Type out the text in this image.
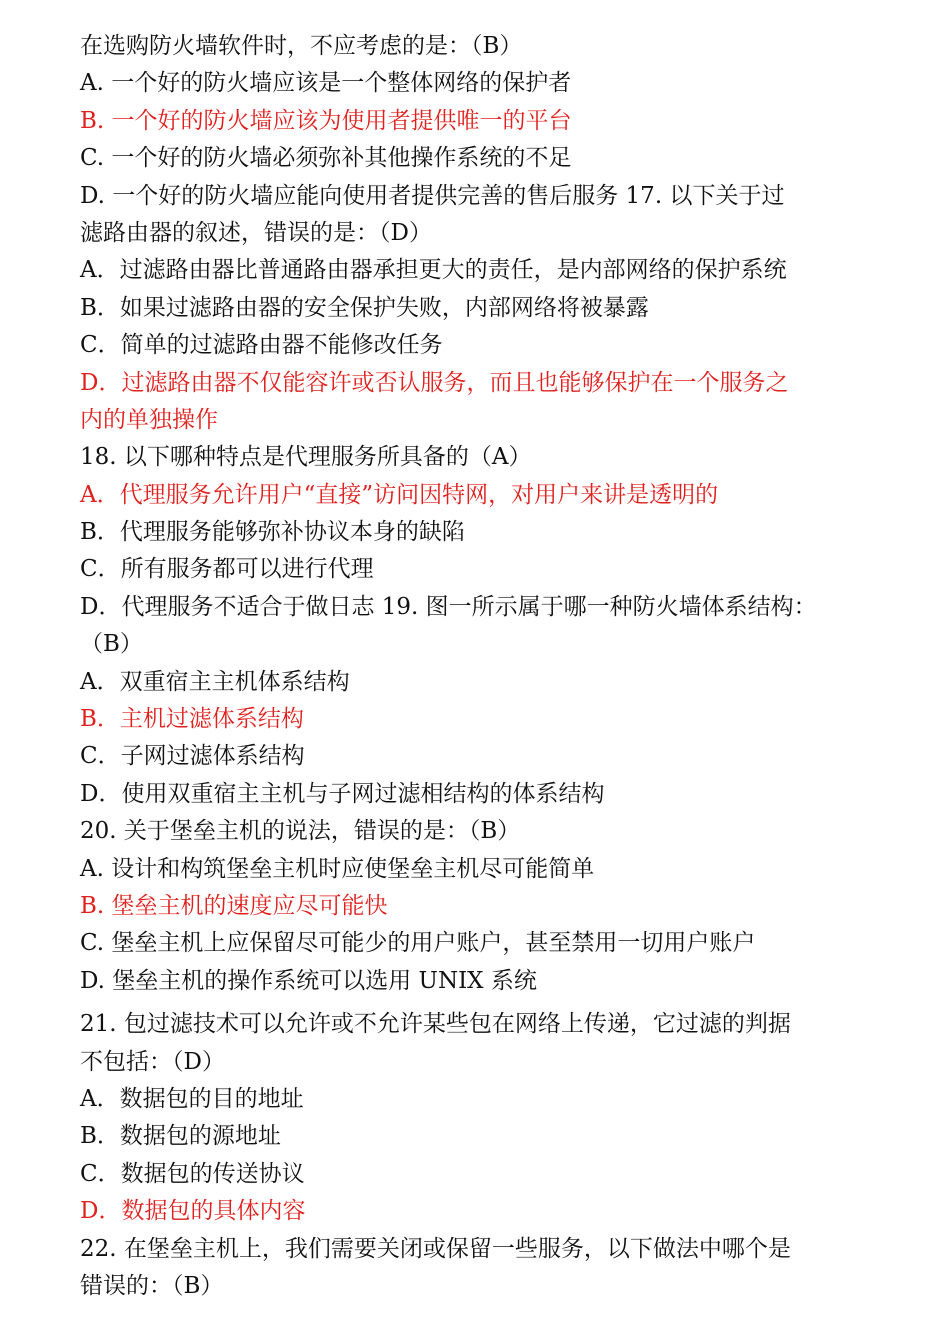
在选购防火墙软件时，不应考虑的是：（B）
A. 一个好的防火墙应该是一个整体网络的保护者
B. 一个好的防火墙应该为使用者提供唯一的平台
C. 一个好的防火墙必须弥补其他操作系统的不足
D. 一个好的防火墙应能向使用者提供完善的售后服务 17. 以下关于过
滤路由器的叙述，错误的是：（D）
A．过滤路由器比普通路由器承担更大的责任，是内部网络的保护系统
B．如果过滤路由器的安全保护失败，内部网络将被暴露
C．简单的过滤路由器不能修改任务
D．过滤路由器不仅能容许或否认服务，而且也能够保护在一个服务之
内的单独操作
18. 以下哪种特点是代理服务所具备的（A）
A．代理服务允许用户“直接”访问因特网，对用户来讲是透明的
B．代理服务能够弥补协议本身的缺陷
C．所有服务都可以进行代理
D．代理服务不适合于做日志 19. 图一所示属于哪一种防火墙体系结构：
（B）
A．双重宿主主机体系结构
B．主机过滤体系结构
C．子网过滤体系结构
D．使用双重宿主主机与子网过滤相结构的体系结构
20. 关于堡垒主机的说法，错误的是：（B）
A. 设计和构筑堡垒主机时应使堡垒主机尽可能简单
B. 堡垒主机的速度应尽可能快
C. 堡垒主机上应保留尽可能少的用户账户，甚至禁用一切用户账户
D. 堡垒主机的操作系统可以选用 UNIX 系统
21. 包过滤技术可以允许或不允许某些包在网络上传递，它过滤的判据
不包括：（D）
A．数据包的目的地址
B．数据包的源地址
C．数据包的传送协议
D．数据包的具体内容
22. 在堡垒主机上，我们需要关闭或保留一些服务，以下做法中哪个是
错误的：（B）
